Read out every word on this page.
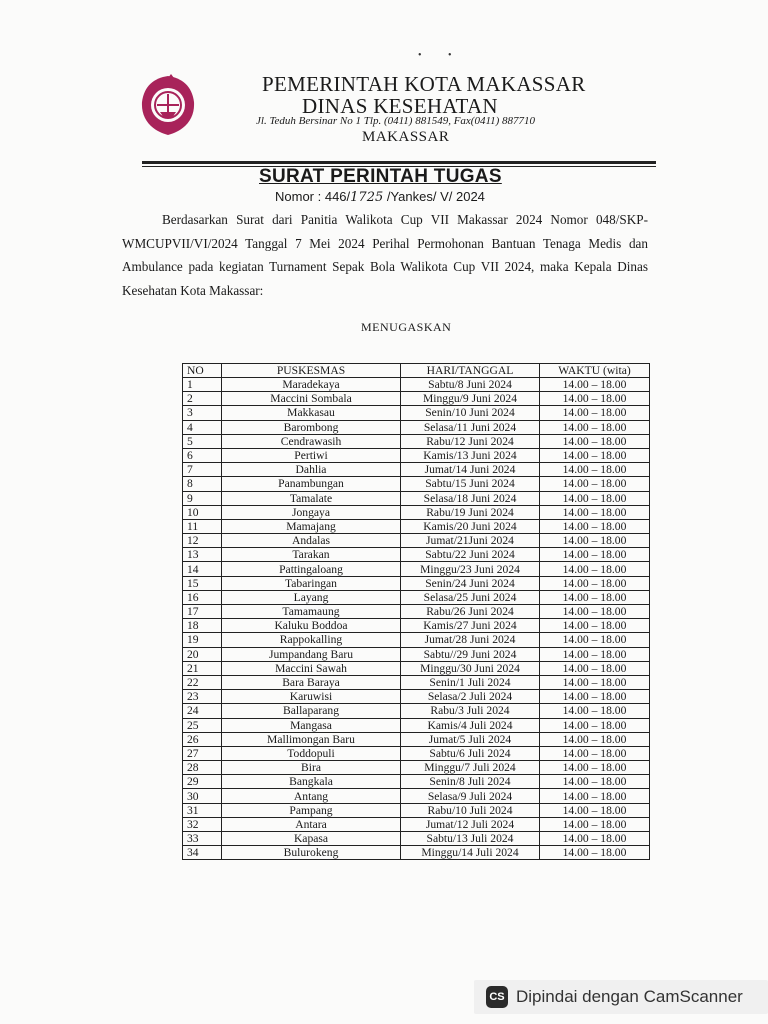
• •
PEMERINTAH KOTA MAKASSAR
DINAS KESEHATAN
Jl. Teduh Bersinar No 1 Tlp. (0411) 881549, Fax(0411) 887710
MAKASSAR
SURAT PERINTAH TUGAS
Nomor : 446/1725 /Yankes/ V/ 2024

Berdasarkan Surat dari Panitia Walikota Cup VII Makassar 2024 Nomor 048/SKP-WMCUPVII/VI/2024 Tanggal 7 Mei 2024 Perihal Permohonan Bantuan Tenaga Medis dan Ambulance pada kegiatan Turnament Sepak Bola Walikota Cup VII 2024, maka Kepala Dinas Kesehatan Kota Makassar:

MENUGASKAN
NO	PUSKESMAS	HARI/TANGGAL	WAKTU (wita)
1	Maradekaya	Sabtu/8 Juni 2024	14.00 – 18.00
2	Maccini Sombala	Minggu/9 Juni 2024	14.00 – 18.00
3	Makkasau	Senin/10 Juni 2024	14.00 – 18.00
4	Barombong	Selasa/11 Juni 2024	14.00 – 18.00
5	Cendrawasih	Rabu/12 Juni 2024	14.00 – 18.00
6	Pertiwi	Kamis/13 Juni 2024	14.00 – 18.00
7	Dahlia	Jumat/14 Juni 2024	14.00 – 18.00
8	Panambungan	Sabtu/15 Juni 2024	14.00 – 18.00
9	Tamalate	Selasa/18 Juni 2024	14.00 – 18.00
10	Jongaya	Rabu/19 Juni 2024	14.00 – 18.00
11	Mamajang	Kamis/20 Juni 2024	14.00 – 18.00
12	Andalas	Jumat/21Juni 2024	14.00 – 18.00
13	Tarakan	Sabtu/22 Juni 2024	14.00 – 18.00
14	Pattingaloang	Minggu/23 Juni 2024	14.00 – 18.00
15	Tabaringan	Senin/24 Juni 2024	14.00 – 18.00
16	Layang	Selasa/25 Juni 2024	14.00 – 18.00
17	Tamamaung	Rabu/26 Juni 2024	14.00 – 18.00
18	Kaluku Boddoa	Kamis/27 Juni 2024	14.00 – 18.00
19	Rappokalling	Jumat/28 Juni 2024	14.00 – 18.00
20	Jumpandang Baru	Sabtu//29 Juni 2024	14.00 – 18.00
21	Maccini Sawah	Minggu/30 Juni 2024	14.00 – 18.00
22	Bara Baraya	Senin/1 Juli 2024	14.00 – 18.00
23	Karuwisi	Selasa/2 Juli 2024	14.00 – 18.00
24	Ballaparang	Rabu/3 Juli 2024	14.00 – 18.00
25	Mangasa	Kamis/4 Juli 2024	14.00 – 18.00
26	Mallimongan Baru	Jumat/5 Juli 2024	14.00 – 18.00
27	Toddopuli	Sabtu/6 Juli 2024	14.00 – 18.00
28	Bira	Minggu/7 Juli 2024	14.00 – 18.00
29	Bangkala	Senin/8 Juli 2024	14.00 – 18.00
30	Antang	Selasa/9 Juli 2024	14.00 – 18.00
31	Pampang	Rabu/10 Juli 2024	14.00 – 18.00
32	Antara	Jumat/12 Juli 2024	14.00 – 18.00
33	Kapasa	Sabtu/13 Juli 2024	14.00 – 18.00
34	Bulurokeng	Minggu/14 Juli 2024	14.00 – 18.00
CS Dipindai dengan CamScanner
